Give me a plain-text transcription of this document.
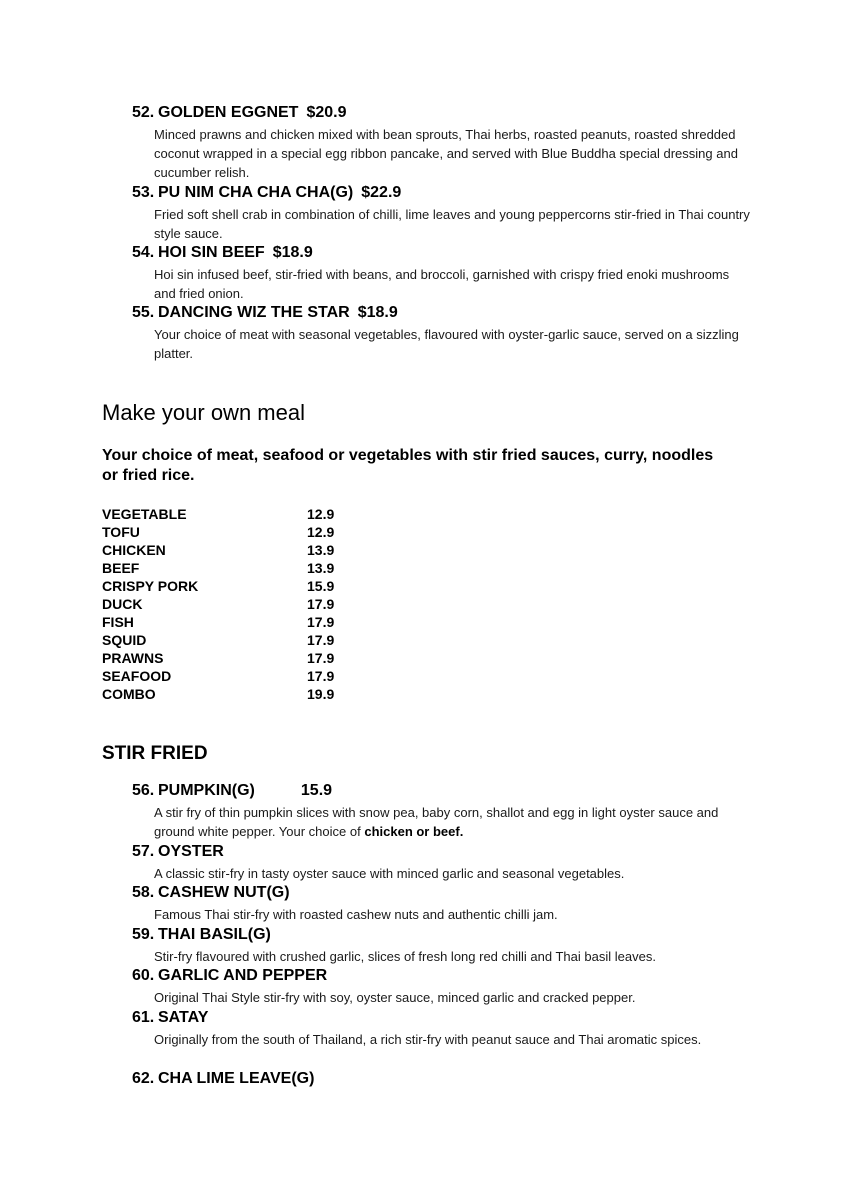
52. GOLDEN EGGNET $20.9
Minced prawns and chicken mixed with bean sprouts, Thai herbs, roasted peanuts, roasted shredded coconut wrapped in a special egg ribbon pancake, and served with Blue Buddha special dressing and cucumber relish.
53. PU NIM CHA CHA CHA(G) $22.9
Fried soft shell crab in combination of chilli, lime leaves and young peppercorns stir-fried in Thai country style sauce.
54. HOI SIN BEEF $18.9
Hoi sin infused beef, stir-fried with beans, and broccoli, garnished with crispy fried enoki mushrooms and fried onion.
55. DANCING WIZ THE STAR $18.9
Your choice of meat with seasonal vegetables, flavoured with oyster-garlic sauce, served on a sizzling platter.
Make your own meal
Your choice of meat, seafood or vegetables with stir fried sauces, curry, noodles or fried rice.
VEGETABLE	12.9
TOFU	12.9
CHICKEN	13.9
BEEF	13.9
CRISPY PORK	15.9
DUCK	17.9
FISH	17.9
SQUID	17.9
PRAWNS	17.9
SEAFOOD	17.9
COMBO	19.9
STIR FRIED
56. PUMPKIN(G)	15.9
A stir fry of thin pumpkin slices with snow pea, baby corn, shallot and egg in light oyster sauce and ground white pepper. Your choice of chicken or beef.
57. OYSTER
A classic stir-fry in tasty oyster sauce with minced garlic and seasonal vegetables.
58. CASHEW NUT(G)
Famous Thai stir-fry with roasted cashew nuts and authentic chilli jam.
59. THAI BASIL(G)
Stir-fry flavoured with crushed garlic, slices of fresh long red chilli and Thai basil leaves.
60. GARLIC AND PEPPER
Original Thai Style stir-fry with soy, oyster sauce, minced garlic and cracked pepper.
61. SATAY
Originally from the south of Thailand, a rich stir-fry with peanut sauce and Thai aromatic spices.
62. CHA LIME LEAVE(G)
